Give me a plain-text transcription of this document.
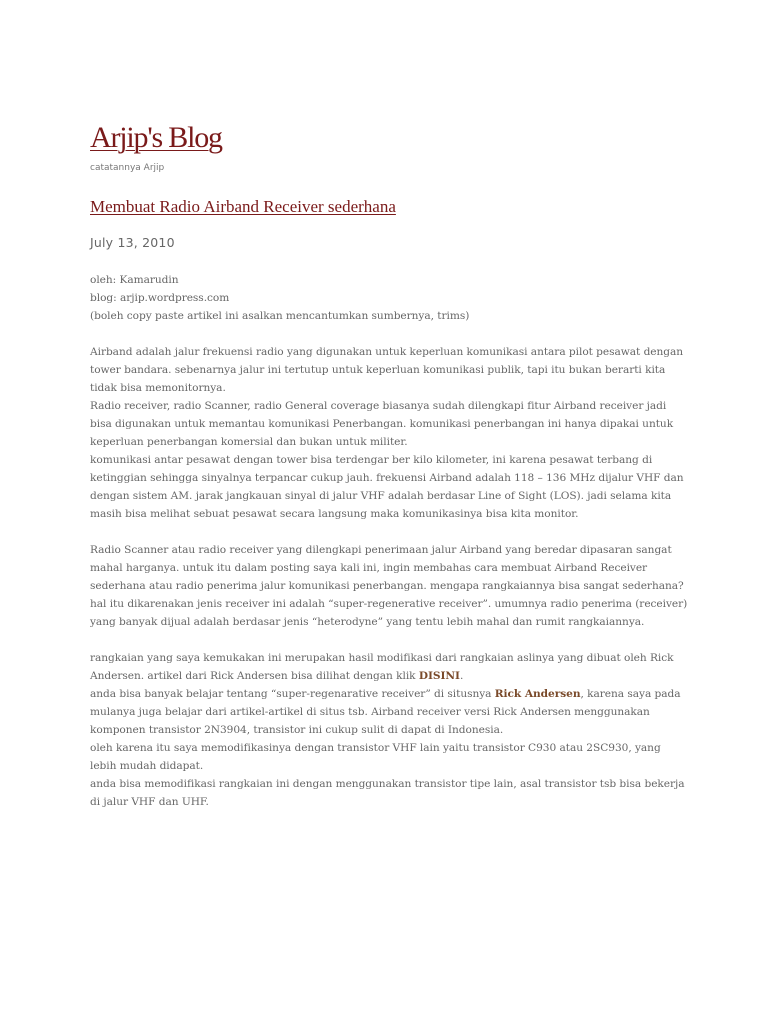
Arjip's Blog
catatannya Arjip
Membuat Radio Airband Receiver sederhana
July 13, 2010

oleh: Kamarudin
blog: arjip.wordpress.com
(boleh copy paste artikel ini asalkan mencantumkan sumbernya, trims)

Airband adalah jalur frekuensi radio yang digunakan untuk keperluan komunikasi antara pilot pesawat dengan
tower bandara. sebenarnya jalur ini tertutup untuk keperluan komunikasi publik, tapi itu bukan berarti kita
tidak bisa memonitornya.
Radio receiver, radio Scanner, radio General coverage biasanya sudah dilengkapi fitur Airband receiver jadi
bisa digunakan untuk memantau komunikasi Penerbangan. komunikasi penerbangan ini hanya dipakai untuk
keperluan penerbangan komersial dan bukan untuk militer.
komunikasi antar pesawat dengan tower bisa terdengar ber kilo kilometer, ini karena pesawat terbang di
ketinggian sehingga sinyalnya terpancar cukup jauh. frekuensi Airband adalah 118 – 136 MHz dijalur VHF dan
dengan sistem AM. jarak jangkauan sinyal di jalur VHF adalah berdasar Line of Sight (LOS). jadi selama kita
masih bisa melihat sebuat pesawat secara langsung maka komunikasinya bisa kita monitor.

Radio Scanner atau radio receiver yang dilengkapi penerimaan jalur Airband yang beredar dipasaran sangat
mahal harganya. untuk itu dalam posting saya kali ini, ingin membahas cara membuat Airband Receiver
sederhana atau radio penerima jalur komunikasi penerbangan. mengapa rangkaiannya bisa sangat sederhana?
hal itu dikarenakan jenis receiver ini adalah “super-regenerative receiver”. umumnya radio penerima (receiver)
yang banyak dijual adalah berdasar jenis “heterodyne” yang tentu lebih mahal dan rumit rangkaiannya.

rangkaian yang saya kemukakan ini merupakan hasil modifikasi dari rangkaian aslinya yang dibuat oleh Rick
Andersen. artikel dari Rick Andersen bisa dilihat dengan klik DISINI.
anda bisa banyak belajar tentang “super-regenarative receiver” di situsnya Rick Andersen, karena saya pada
mulanya juga belajar dari artikel-artikel di situs tsb. Airband receiver versi Rick Andersen menggunakan
komponen transistor 2N3904, transistor ini cukup sulit di dapat di Indonesia.
oleh karena itu saya memodifikasinya dengan transistor VHF lain yaitu transistor C930 atau 2SC930, yang
lebih mudah didapat.
anda bisa memodifikasi rangkaian ini dengan menggunakan transistor tipe lain, asal transistor tsb bisa bekerja
di jalur VHF dan UHF.
